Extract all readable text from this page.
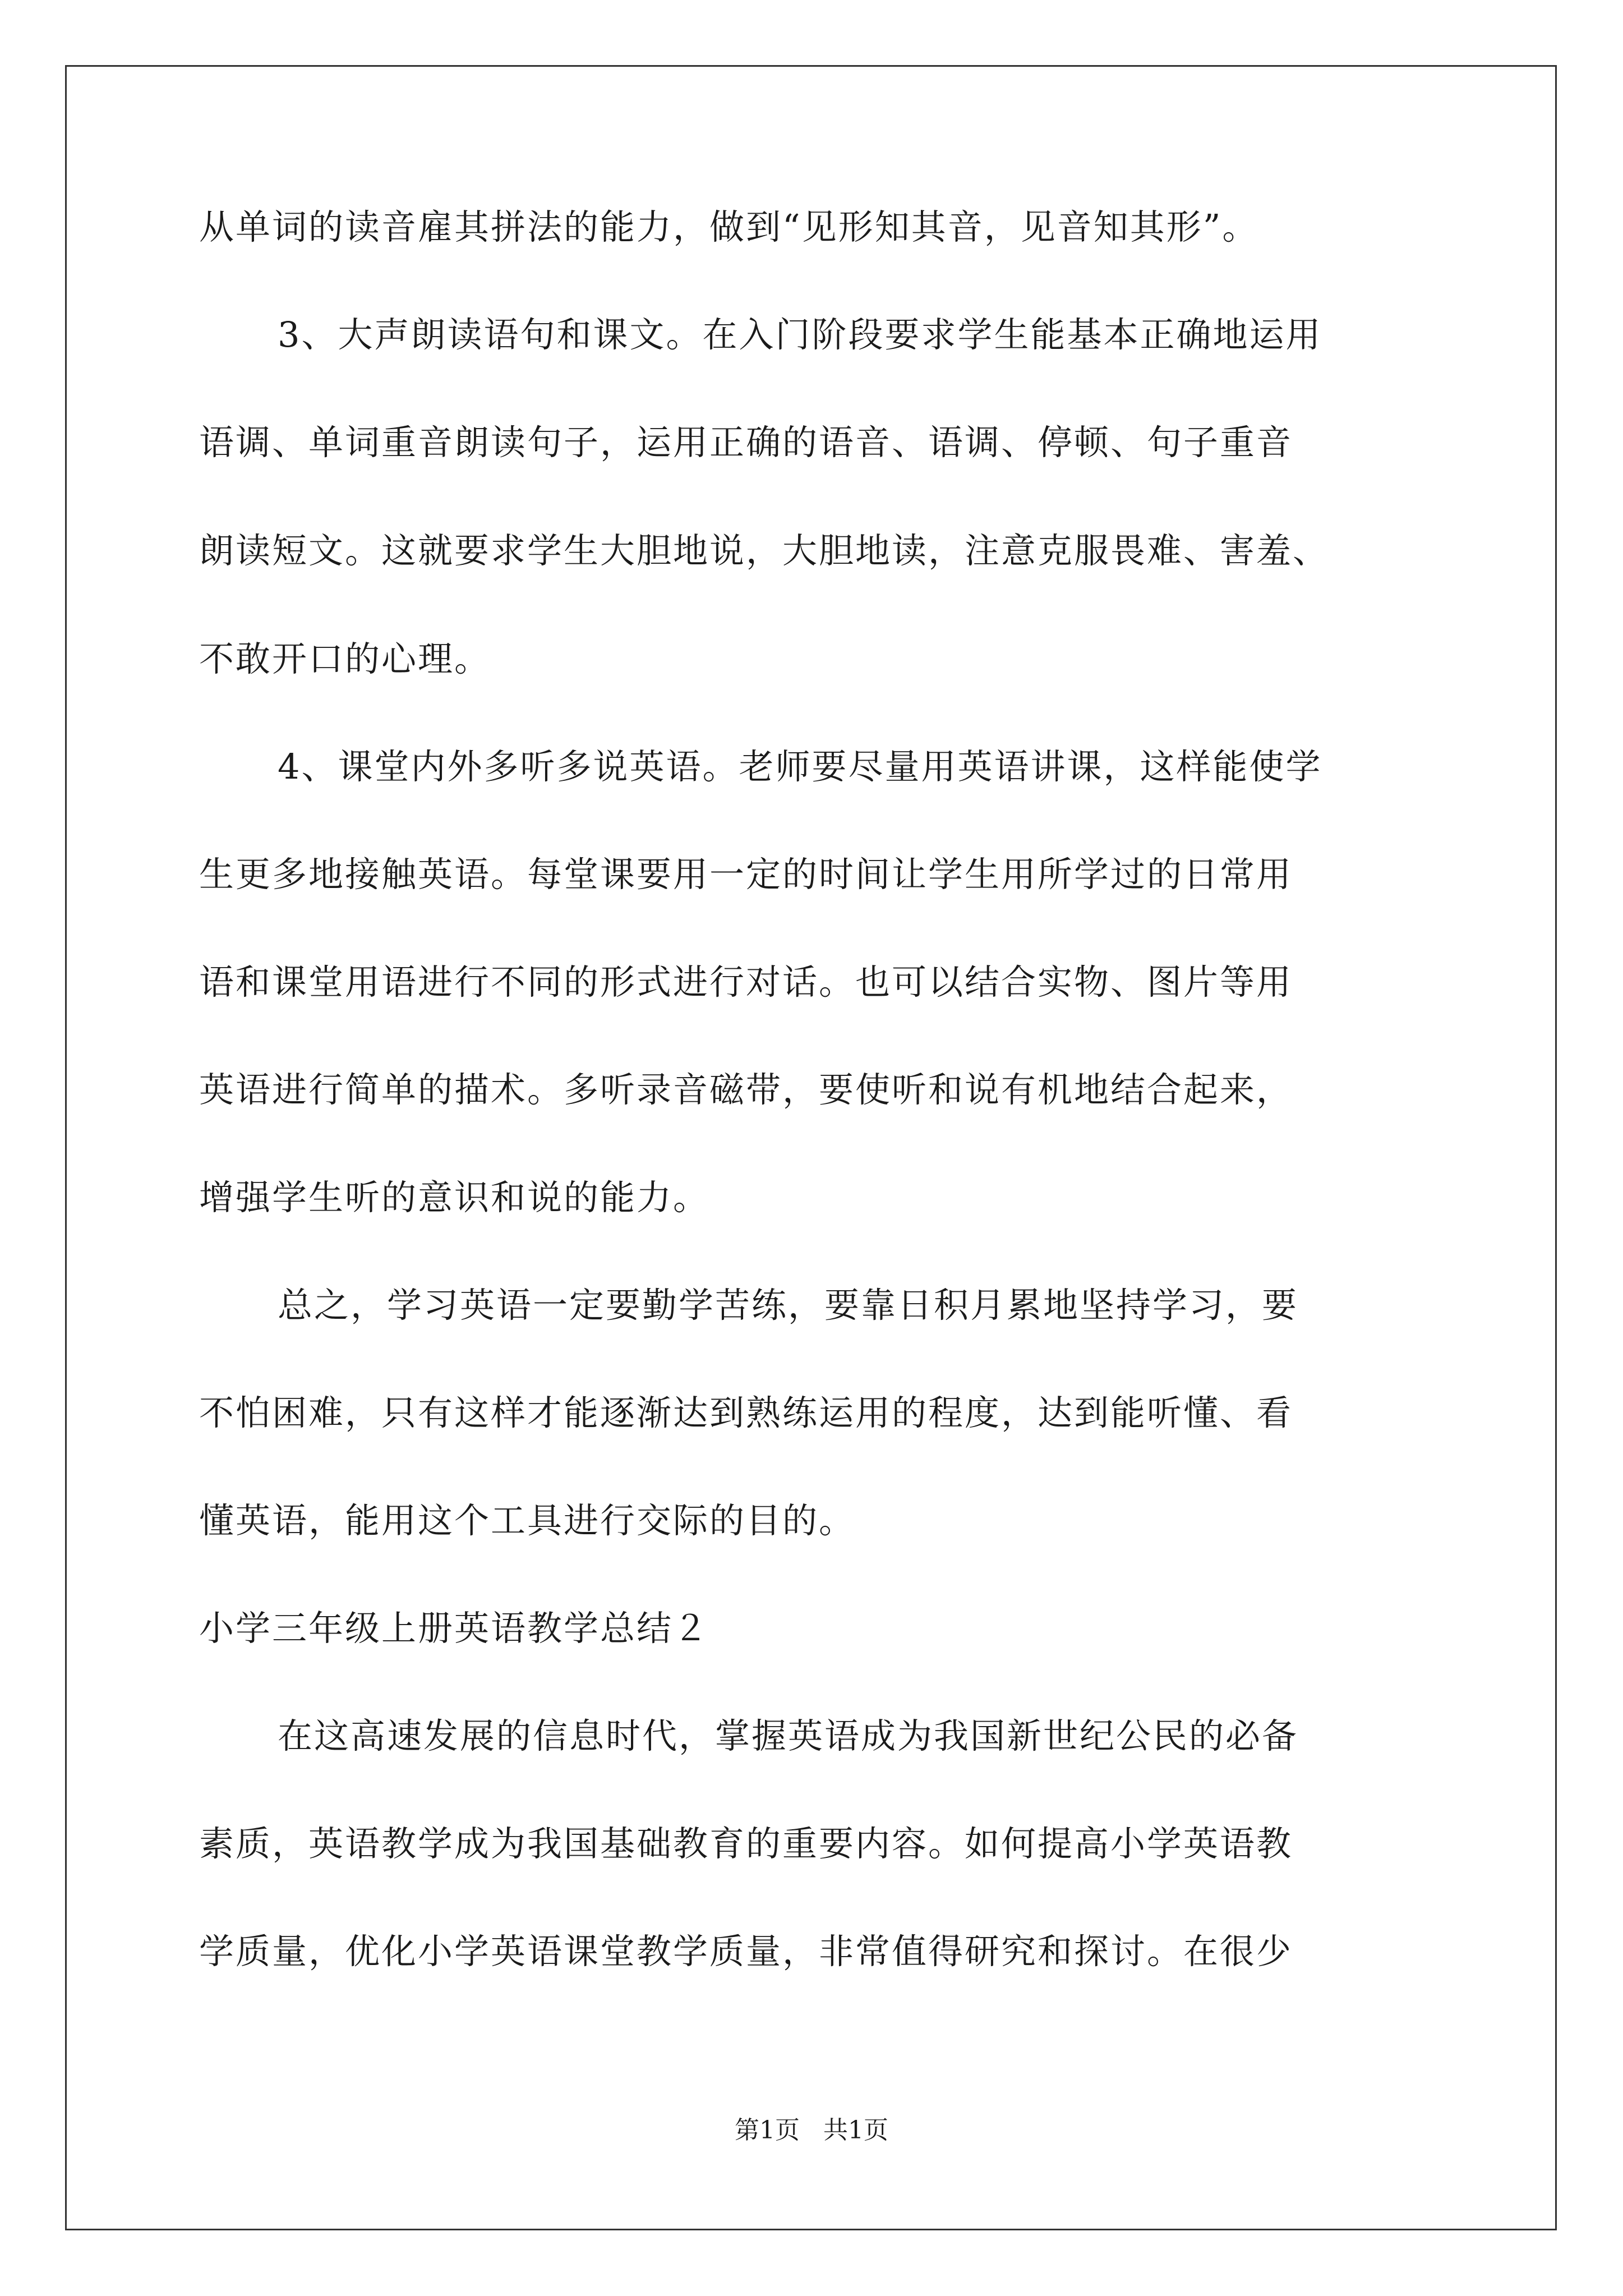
从单词的读音雇其拼法的能力，做到“见形知其音，见音知其形”。
3、大声朗读语句和课文。在入门阶段要求学生能基本正确地运用
语调、单词重音朗读句子，运用正确的语音、语调、停顿、句子重音
朗读短文。这就要求学生大胆地说，大胆地读，注意克服畏难、害羞、
不敢开口的心理。
4、课堂内外多听多说英语。老师要尽量用英语讲课，这样能使学
生更多地接触英语。每堂课要用一定的时间让学生用所学过的日常用
语和课堂用语进行不同的形式进行对话。也可以结合实物、图片等用
英语进行简单的描术。多听录音磁带，要使听和说有机地结合起来，
增强学生听的意识和说的能力。
总之，学习英语一定要勤学苦练，要靠日积月累地坚持学习，要
不怕困难，只有这样才能逐渐达到熟练运用的程度，达到能听懂、看
懂英语，能用这个工具进行交际的目的。
小学三年级上册英语教学总结２
在这高速发展的信息时代，掌握英语成为我国新世纪公民的必备
素质，英语教学成为我国基础教育的重要内容。如何提高小学英语教
学质量，优化小学英语课堂教学质量，非常值得研究和探讨。在很少
第1页 共1页
